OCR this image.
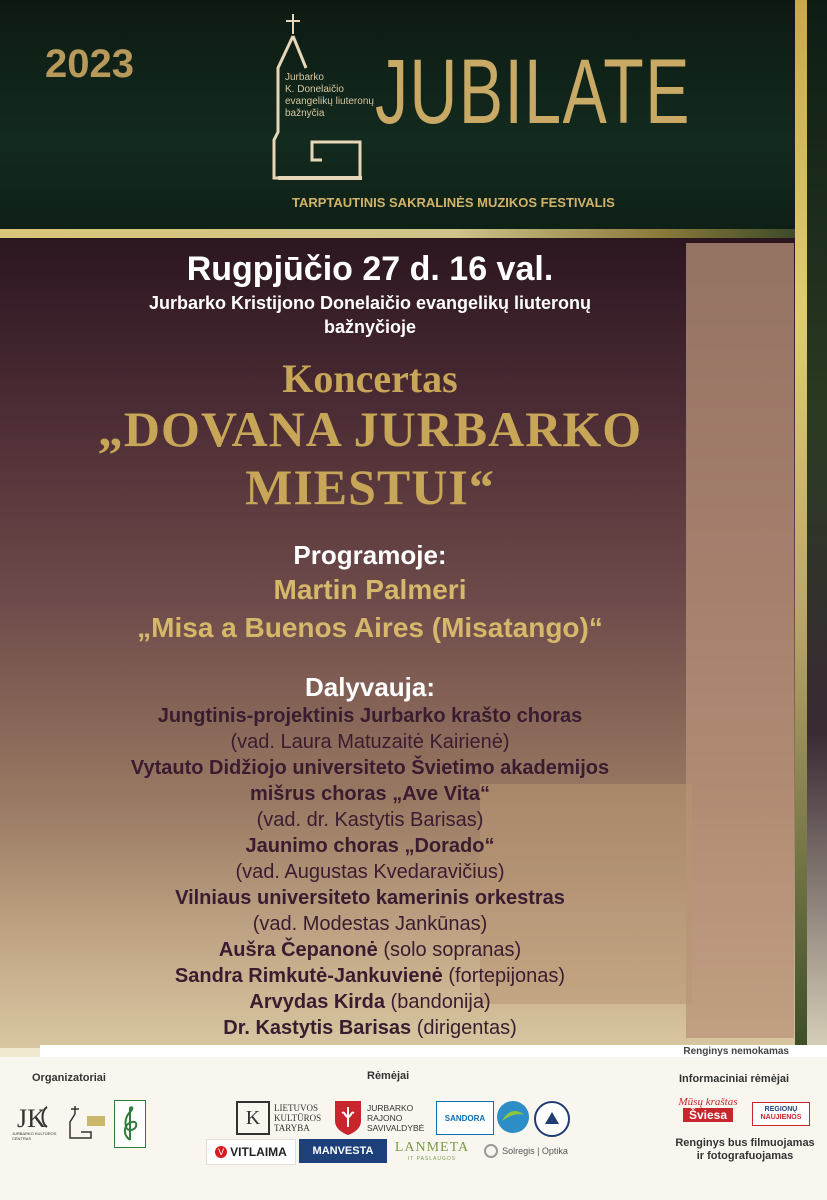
2023	Jurbarko
K. Donelaičio
evangelikų liuteronų
bažnyčia JUBILATE
TARPTAUTINIS SAKRALINĖS MUZIKOS FESTIVALIS
Rugpjūčio 27 d. 16 val.
Jurbarko Kristijono Donelaičio evangelikų liuteronų
bažnyčioje
Koncertas
„DOVANA JURBARKO
MIESTUI“
Programoje:
Martin Palmeri
„Misa a Buenos Aires (Misatango)“
Dalyvauja:
Jungtinis-projektinis Jurbarko krašto choras
(vad. Laura Matuzaitė Kairienė)
Vytauto Didžiojo universiteto Švietimo akademijos
mišrus choras „Ave Vita“
(vad. dr. Kastytis Barisas)
Jaunimo choras „Dorado“
(vad. Augustas Kvedaravičius)
Vilniaus universiteto kamerinis orkestras
(vad. Modestas Jankūnas)
Aušra Čepanonė (solo sopranas)
Sandra Rimkutė-Jankuvienė (fortepijonas)
Arvydas Kirda (bandonija)
Dr. Kastytis Barisas (dirigentas)
Renginys nemokamas
Organizatoriai	Rėmėjai	Informaciniai rėmėjai
JK
JURBARKO KULTŪROS CENTRAS
K	LIETUVOS
KULTŪROS
TARYBA
JURBARKO
RAJONO
SAVIVALDYBĖ
SANDORA
V VITLAIMA MANVESTA LANMETA
IT PASLAUGOS
Solregis | Optika
Mūsų kraštas
Šviesa	REGIONŲ
NAUJIENOS
Renginys bus filmuojamas
ir fotografuojamas
